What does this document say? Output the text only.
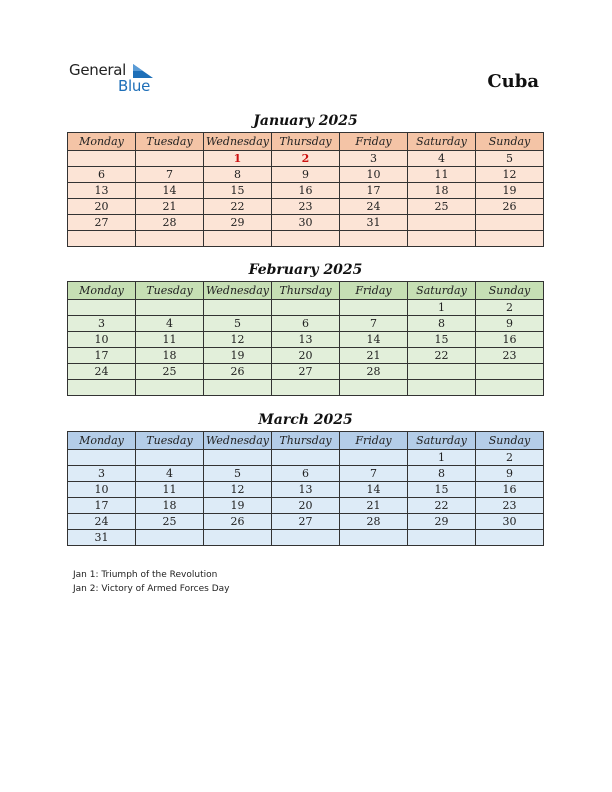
General
Blue	Cuba
January 2025
Monday	Tuesday	Wednesday	Thursday	Friday	Saturday	Sunday
		1	2	3	4	5
6	7	8	9	10	11	12
13	14	15	16	17	18	19
20	21	22	23	24	25	26
27	28	29	30	31		

February 2025
Monday	Tuesday	Wednesday	Thursday	Friday	Saturday	Sunday
					1	2
3	4	5	6	7	8	9
10	11	12	13	14	15	16
17	18	19	20	21	22	23
24	25	26	27	28		

March 2025
Monday	Tuesday	Wednesday	Thursday	Friday	Saturday	Sunday
					1	2
3	4	5	6	7	8	9
10	11	12	13	14	15	16
17	18	19	20	21	22	23
24	25	26	27	28	29	30
31						
Jan 1: Triumph of the Revolution
Jan 2: Victory of Armed Forces Day
